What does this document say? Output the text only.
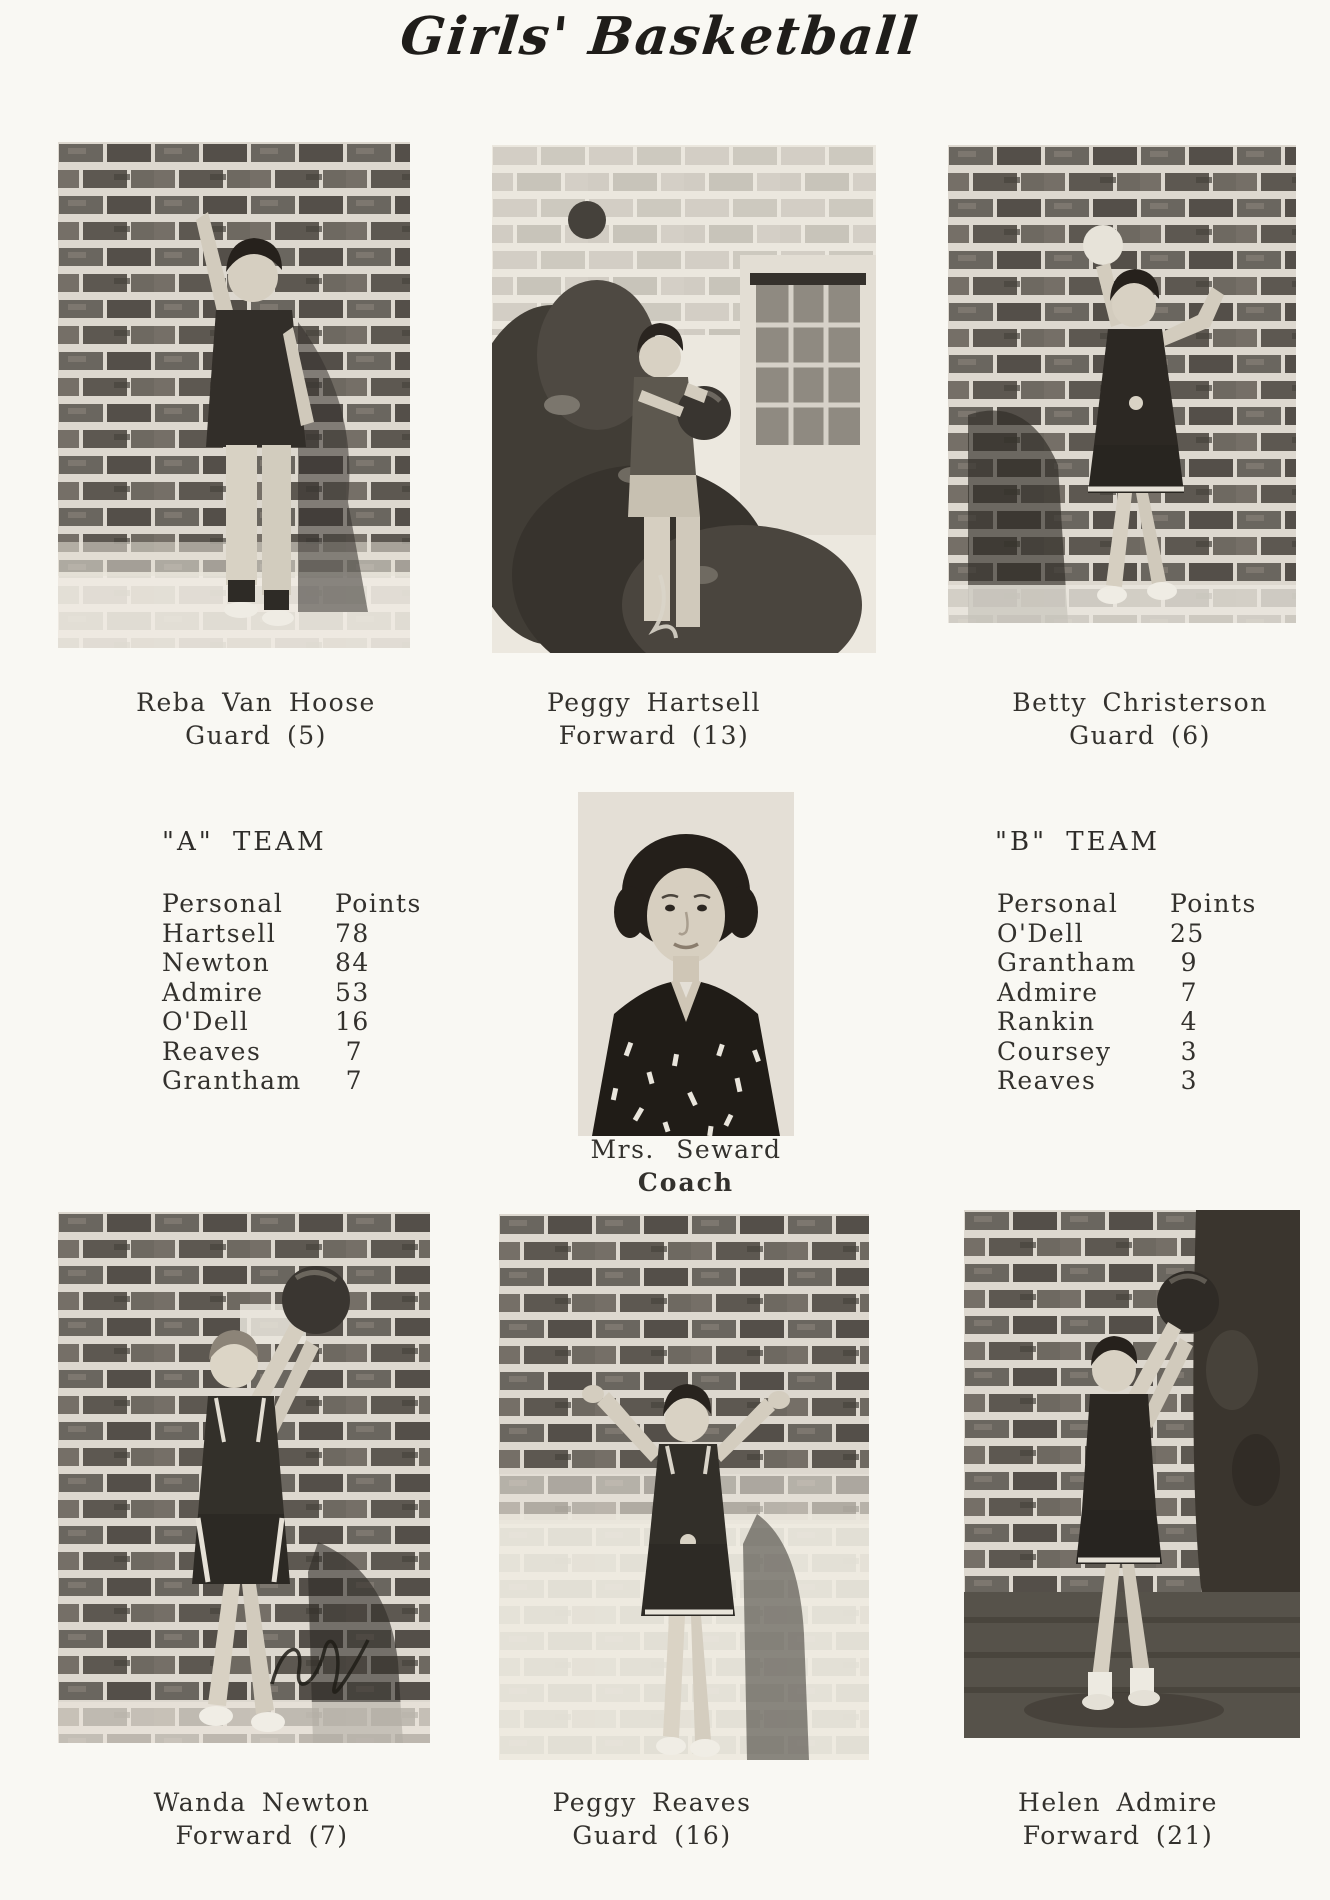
Girls' Basketball
Reba Van Hoose
Guard (5)
Peggy Hartsell
Forward (13)
Betty Christerson
Guard (6)
"A" TEAM
Personal Points
Hartsell 78
Newton	84
Admire	53
O'Dell	16
Reaves	7
Grantham	7
"B" TEAM
Personal Points
O'Dell	25
Grantham	9
Admire	7
Rankin	4
Coursey	3
Reaves	3
Mrs. Seward
Coach
Wanda Newton
Forward (7)
Peggy Reaves
Guard (16)
Helen Admire
Forward (21)
